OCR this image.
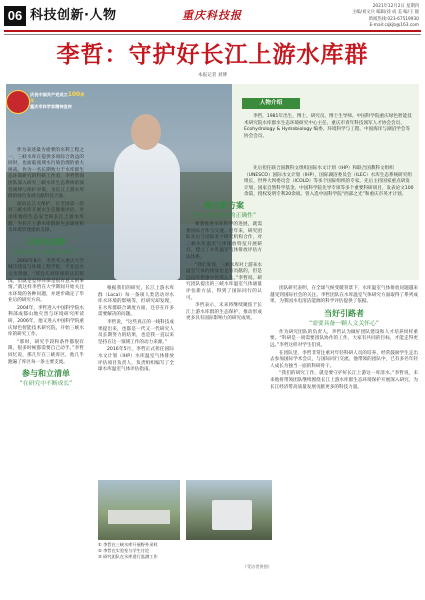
06 科技创新·人物	重庆科技报
2021年12月2日 星期四
主编/刘文兵 编辑/刘 成 美 编/王 媛
新闻热线:023-67519930
E-mail:cqkjb@163.com
李哲：守护好长江上游水库群
本报记者 刘博
庆祝中国共产党成立100周年
重庆市科学家精神宣传
人物介绍

李哲，1981年出生，博士、研究员、博士生导师。中国科学院重庆绿色智能技术研究院水库群水生态环境研究中心主任，重庆市青年科技领军人才协会会员、Ecohydrology & Hydrobiology 编委、环境科学与工程、中国海洋与湖沼学会等协会会员。

先后担任联合国教科文组织国际水文计划（IHP）和联合国教科文组织（UNESCO）国际水文计划（IHP），国际湖沼委员会（ILEC）水库生态系统研究组组长，世界大坝委员会（ICOLD）等多个国际组织的专家。先后主持国家重点研发计划、国家自然科学基金、中国科学院先导专项等多个重要科研项目，发表论文100余篇，授权发明专利20余项。曾入选中国科学院“西部之光”和重庆市英才计划。

作为表述最为重要的水利工程之一，三峡水库在提供多项综合效益的同时，也面临流域水污染治理的重大挑战。作为一名长期致力于水库群生态环境研究的科研工作者，李哲带领团队深入研究三峡水库生态系统的演变规律与保护对策，为长江上游水库群的绿色发展贡献科技力量。

面向长江大保护，在全国第一次对三峡水库开展水生态健康评估，对水库群的生态安全和长江上游水库群，为长江上游水库群的生态调度和水环境管理提供支撑。

心怀环保梦
“热爱是看人去做这件事儿”

2000年8月，李哲考入重庆大学城市建设与环境工程学院，专业是水文水资源。“那会儿对环保的认识很浅，但就是觉得环保是很有意义的事情。”就这样李哲在大学期间开始关注水环境的各种问题，并逐步确定了毕业后的研究方向。

2004年，李哲进入中国科学院水利部成都山地灾害与环境研究所读研，2006年，他又进入中国科学院重庆绿色智能技术研究院，开始三峡水库的研究工作。

“那时，研究手段和条件都很有限，很多时候都需要自己动手。”李哲回忆说，那几年在三峡库区，他几乎跑遍了库区每一条主要支流。

参与和立清单
“在研究中不断成长”

根据我们的研究，长江上游水库群（Local）每一条项人类活动对水库水环境的影响等，但研究却发现，在水库群联合调度方面，还存在许多需要解决的问题。

李哲说，“这些真正的一线科技成果提出来，也都是一代又一代研究人员长期努力的结果，也是我一直以来坚持在这一领域工作的动力来源。”

2016年5月，李哲正式担任国际水文计划（IHP）水库温室气体排放评估项目负责人，负责组织编写了全球水库温室气体评估指南。

提出新方案
“减少温室效应的正确性”

要想推进水库科学的进展，就需要国际合作与交流。近年来，研究团队先后与国际多个研究机构合作，对三峡水库温室气体排放特征开展研究，建立了水库温室气体排放评估方法体系。

“我们发现，三峡水库对上游来水温室气体的排放也是有贡献的，但是远没有想象中的那么大。”李哲说。研究团队提出的三峡水库温室气体通量评估新方法，得到了国际同行的认可。

李哲表示，未来将继续聚焦于长江上游水库群的生态保护，推动形成更多具有国际影响力的研究成果。

团队研究表明，在全球气候变暖背景下，水库温室气体排放问题越来越受到国际社会的关注。李哲团队在水库温室气体研究方面取得了系列成果，为我国水电清洁能源的科学评估提供了依据。

当好引路者
“需要具备一颗人文关怀心”

作为研究团队的负责人，李哲认为做好团队建设和人才培养同样重要。“科研是一项需要团队协作的工作，大家有共同的目标，才能走得更远。”李哲这样对学生们说。

在团队里，李哲非常注重对年轻科研人员的培养，经常鼓励学生走出去参加国际学术会议，与国际同行交流。他带领的团队中，已有多名年轻人成长为独当一面的科研骨干。

“我们的研究工作，就是要守护好长江上游这一库清水。”李哲说，未来他将带领团队继续围绕长江上游水库群生态环境保护开展深入研究，为长江经济带高质量发展贡献更多的科技力量。

① 李哲在三峡水库开展野外采样

② 李哲在实验室与学生讨论

③ 研究团队在水库进行监测工作

（受访者供图）
